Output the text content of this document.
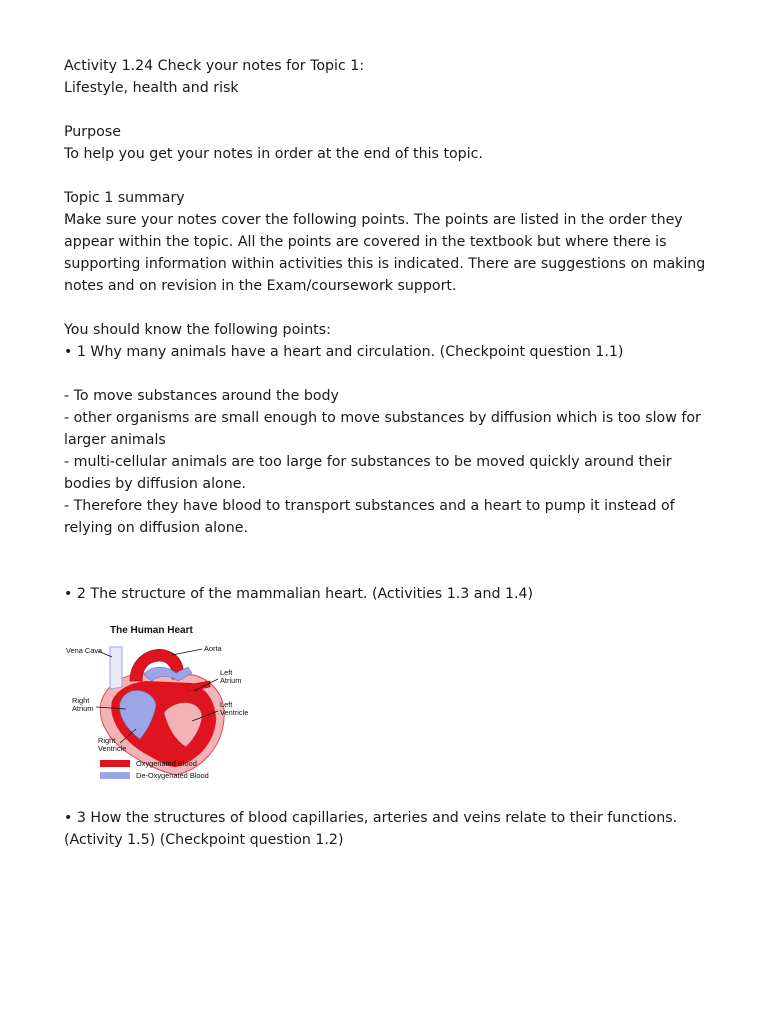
Activity 1.24 Check your notes for Topic 1:
Lifestyle, health and risk
Purpose
To help you get your notes in order at the end of this topic.
Topic 1 summary
Make sure your notes cover the following points. The points are listed in the order they
appear within the topic. All the points are covered in the textbook but where there is
supporting information within activities this is indicated. There are suggestions on making
notes and on revision in the Exam/coursework support.
You should know the following points:
• 1 Why many animals have a heart and circulation. (Checkpoint question 1.1)
- To move substances around the body
- other organisms are small enough to move substances by diffusion which is too slow for
larger animals
- multi-cellular animals are too large for substances to be moved quickly around their
bodies by diffusion alone.
- Therefore they have blood to transport substances and a heart to pump it instead of
relying on diffusion alone.
• 2 The structure of the mammalian heart. (Activities 1.3 and 1.4)
The Human Heart
Vena Cava	Aorta
Left
Atrium
Right
Atrium	Left
Ventricle
Right
Ventricle
Oxygenated Blood
De-Oxygenated Blood
• 3 How the structures of blood capillaries, arteries and veins relate to their functions.
(Activity 1.5) (Checkpoint question 1.2)
